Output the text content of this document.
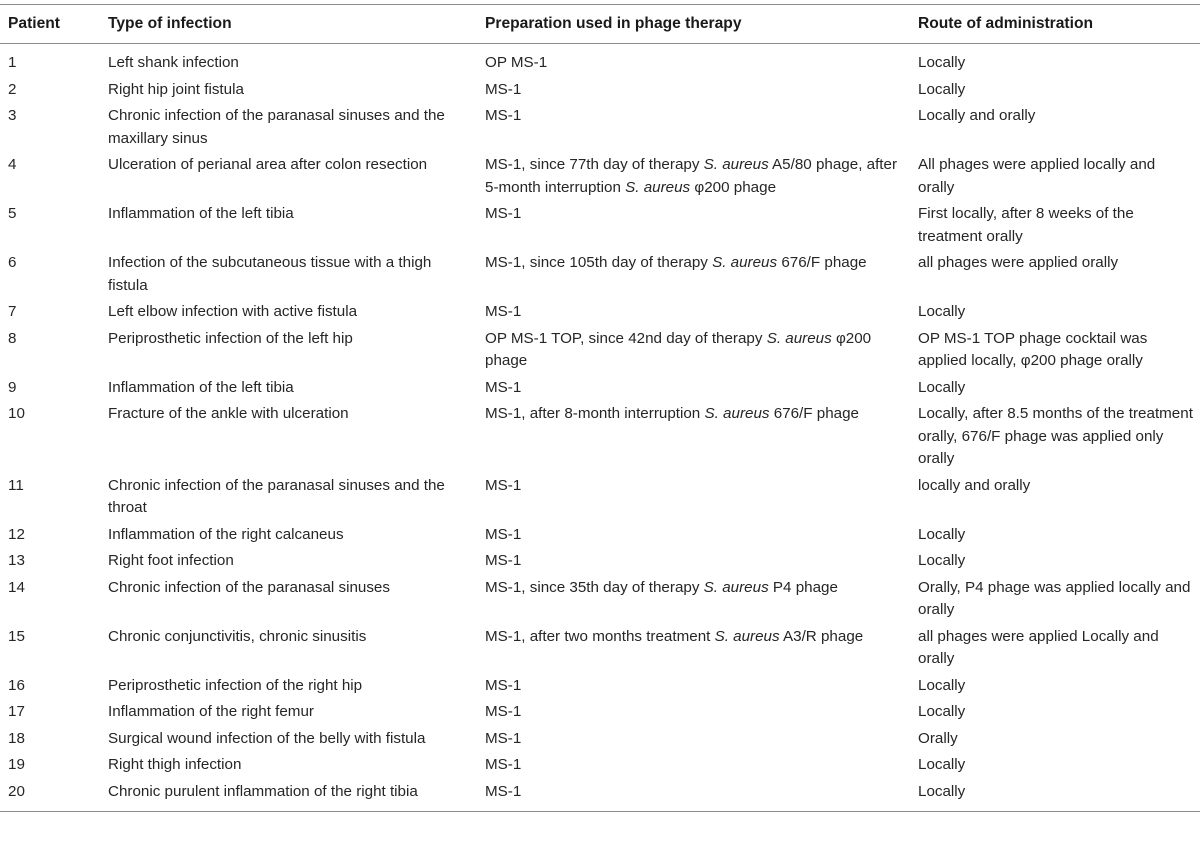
Patient	Type of infection	Preparation used in phage therapy	Route of administration
1	Left shank infection	OP MS-1	Locally
2	Right hip joint fistula	MS-1	Locally
3	Chronic infection of the paranasal sinuses and the maxillary sinus	MS-1	Locally and orally
4	Ulceration of perianal area after colon resection	MS-1, since 77th day of therapy S. aureus A5/80 phage, after 5-month interruption S. aureus φ200 phage	All phages were applied locally and orally
5	Inflammation of the left tibia	MS-1	First locally, after 8 weeks of the treatment orally
6	Infection of the subcutaneous tissue with a thigh fistula	MS-1, since 105th day of therapy S. aureus 676/F phage	all phages were applied orally
7	Left elbow infection with active fistula	MS-1	Locally
8	Periprosthetic infection of the left hip	OP MS-1 TOP, since 42nd day of therapy S. aureus φ200 phage	OP MS-1 TOP phage cocktail was applied locally, φ200 phage orally
9	Inflammation of the left tibia	MS-1	Locally
10	Fracture of the ankle with ulceration	MS-1, after 8-month interruption S. aureus 676/F phage	Locally, after 8.5 months of the treatment orally, 676/F phage was applied only orally
11	Chronic infection of the paranasal sinuses and the throat	MS-1	locally and orally
12	Inflammation of the right calcaneus	MS-1	Locally
13	Right foot infection	MS-1	Locally
14	Chronic infection of the paranasal sinuses	MS-1, since 35th day of therapy S. aureus P4 phage	Orally, P4 phage was applied locally and orally
15	Chronic conjunctivitis, chronic sinusitis	MS-1, after two months treatment S. aureus A3/R phage	all phages were applied Locally and orally
16	Periprosthetic infection of the right hip	MS-1	Locally
17	Inflammation of the right femur	MS-1	Locally
18	Surgical wound infection of the belly with fistula	MS-1	Orally
19	Right thigh infection	MS-1	Locally
20	Chronic purulent inflammation of the right tibia	MS-1	Locally
